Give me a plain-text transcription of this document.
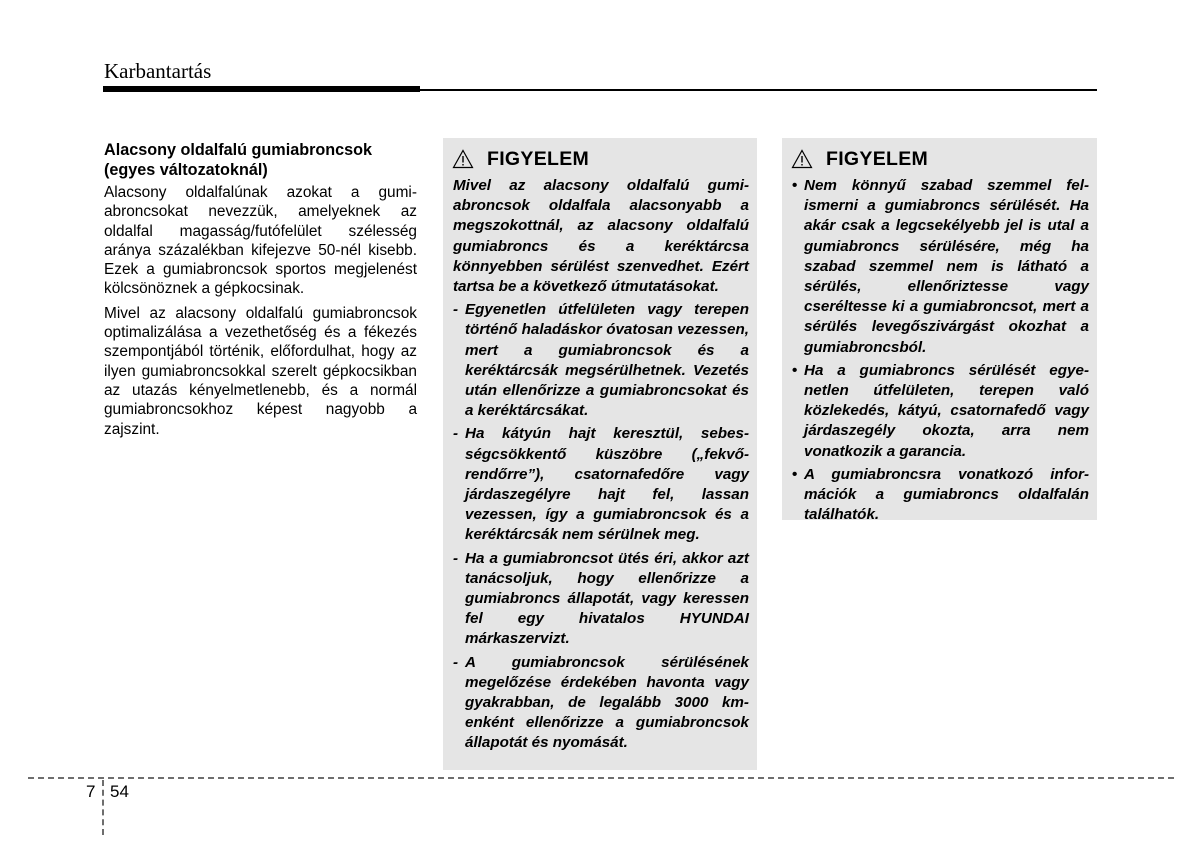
Karbantartás
Alacsony oldalfalú gumiabroncsok (egyes változatoknál)

Alacsony oldalfalúnak azokat a gumiabroncsokat nevezzük, amelyeknek az oldalfal magasság/futófelület szélesség aránya százalékban kifejezve 50-nél kisebb. Ezek a gumiabroncsok sportos megjelenést kölcsönöznek a gépkocsinak.

Mivel az alacsony oldalfalú gumiabroncsok optimalizálása a vezethetőség és a fékezés szempontjából történik, előfordulhat, hogy az ilyen gumiabroncsokkal szerelt gépkocsikban az utazás kényelmetlenebb, és a normál gumiabroncsokhoz képest nagyobb a zajszint.

FIGYELEM
Mivel az alacsony oldalfalú gumiabroncsok oldalfala alacsonyabb a megszokottnál, az alacsony oldalfalú gumiabroncs és a keréktárcsa könnyebben sérülést szenvedhet. Ezért tartsa be a következő útmutatásokat.
- Egyenetlen útfelületen vagy terepen történő haladáskor óvatosan vezessen, mert a gumiabroncsok és a keréktárcsák megsérülhetnek. Vezetés után ellenőrizze a gumiabroncsokat és a keréktárcsákat.
- Ha kátyún hajt keresztül, sebességcsökkentő küszöbre („fekvőrendőrre”), csatornafedőre vagy járdaszegélyre hajt fel, lassan vezessen, így a gumiabroncsok és a keréktárcsák nem sérülnek meg.
- Ha a gumiabroncsot ütés éri, akkor azt tanácsoljuk, hogy ellenőrizze a gumiabroncs állapotát, vagy keressen fel egy hivatalos HYUNDAI márkaszervizt.
- A gumiabroncsok sérülésének megelőzése érdekében havonta vagy gyakrabban, de legalább 3000 km-enként ellenőrizze a gumiabroncsok állapotát és nyomását.
FIGYELEM
• Nem könnyű szabad szemmel felismerni a gumiabroncs sérülését. Ha akár csak a legcsekélyebb jel is utal a gumiabroncs sérülésére, még ha szabad szemmel nem is látható a sérülés, ellenőriztesse vagy cseréltesse ki a gumiabroncsot, mert a sérülés levegőszivárgást okozhat a gumiabroncsból.
• Ha a gumiabroncs sérülését egyenetlen útfelületen, terepen való közlekedés, kátyú, csatornafedő vagy járdaszegély okozta, arra nem vonatkozik a garancia.
• A gumiabroncsra vonatkozó információk a gumiabroncs oldalfalán találhatók.
7 54
